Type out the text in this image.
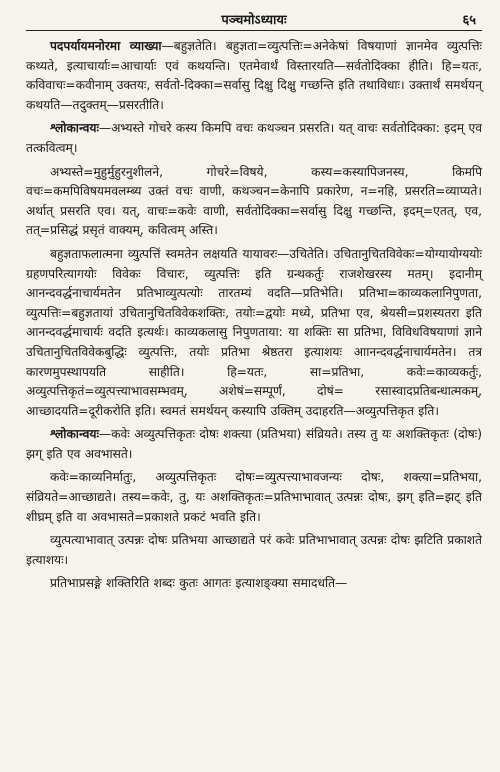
पञ्चमोऽध्यायः	६५

पदपर्यायमनोरमा व्याख्या—बहुज्ञतेति। बहुज्ञता=व्युत्पत्तिः=अनेकेषां विषयाणां ज्ञानमेव व्युत्पत्तिः कथ्यते, इत्याचार्याः=आचार्याः एवं कथयन्ति। एतमेवार्थं विस्तारयति—सर्वतोदिक्का हीति। हि=यतः, कविवाचः=कवीनाम् उक्तयः, सर्वतो-दिक्का=सर्वासु दिक्षु दिक्षु गच्छन्ति इति तथाविधाः। उक्तार्थं समर्थयन् कथयति—तदुक्तम्—प्रसरतीति।

श्लोकान्वयः—अभ्यस्ते गोचरे कस्य किमपि वचः कथञ्चन प्रसरति। यत् वाचः सर्वतोदिक्का: इदम् एव तत्कवित्वम्।

अभ्यस्ते=मुहुर्मुहुरनुशीलने, गोचरे=विषये, कस्य=कस्यापिजनस्य, किमपि वचः=कमपिविषयमवलम्ब्य उक्तं वचः वाणी, कथञ्चन=केनापि प्रकारेण, न=नहि, प्रसरति=व्याप्यते। अर्थात् प्रसरति एव। यत्, वाचः=कवेः वाणी, सर्वतोदिक्का=सर्वासु दिक्षु गच्छन्ति, इदम्=एतत्, एव, तत्=प्रसिद्धं प्रसृतं वाक्यम्, कवित्वम् अस्ति।

बहुज्ञताफलात्मना व्युत्पत्तिं स्वमतेन लक्षयति यायावरः—उचितेति। उचितानुचितविवेकः=योग्यायोग्ययोः ग्रहणपरित्यागयोः विवेकः विचारः, व्युत्पत्तिः इति ग्रन्थकर्तुः राजशेखरस्य मतम्। इदानीम् आनन्दवर्द्धनाचार्यमतेन प्रतिभाव्युत्पत्योः तारतम्यं वदति—प्रतिभेति। प्रतिभा=काव्यकलानिपुणता, व्युत्पत्तिः=बहुज्ञतायां उचितानुचितविवेकशक्तिः, तयोः=द्वयोः मध्ये, प्रतिभा एव, श्रेयसी=प्रशस्यतरा इति आनन्दवर्द्धमाचार्यः वदति इत्यर्थः। काव्यकलासु निपुणताया: या शक्तिः सा प्रतिभा, विविधविषयाणां ज्ञाने उचितानुचितविवेकबुद्धिः व्युत्पत्तिः, तयोः प्रतिभा श्रेष्ठतरा इत्याशयः आानन्दवर्द्धनाचार्यमतेन। तत्र कारणमुपस्थापयति साहीति। हि=यतः, सा=प्रतिभा, कवेः=काव्यकर्तुः, अव्युत्पत्तिकृतं=व्युत्पत्त्याभावसम्भवम्, अशेषं=सम्पूर्णं, दोषं= रसास्वादप्रतिबन्धात्मकम्, आच्छादयति=दूरीकरोति इति। स्वमतं समर्थयन् कस्यापि उक्तिम् उदाहरति—अव्युत्पत्तिकृत इति।

श्लोकान्वयः—कवेः अव्युत्पत्तिकृतः दोषः शक्त्या (प्रतिभया) संव्रियते। तस्य तु यः अशक्तिकृतः (दोषः) झग् इति एव अवभासते।

कवेः=काव्यनिर्मातुः, अव्युत्पत्तिकृतः दोषः=व्युत्पत्त्याभावजन्यः दोषः, शक्त्या=प्रतिभया, संव्रियते=आच्छाद्यते। तस्य=कवेः, तु, यः अशक्तिकृतः=प्रतिभाभावात् उत्पन्नः दोषः, झग् इति=झट् इति शीघ्रम् इति वा अवभासते=प्रकाशते प्रकटं भवति इति।

व्युत्पत्याभावात् उत्पन्नः दोषः प्रतिभया आच्छाद्यते परं कवेः प्रतिभाभावात् उत्पन्नः दोषः झटिति प्रकाशते इत्याशयः।

प्रतिभाप्रसङ्गे शक्तिरिति शब्दः कुतः आगतः इत्याशङ्क्या समादधति—
